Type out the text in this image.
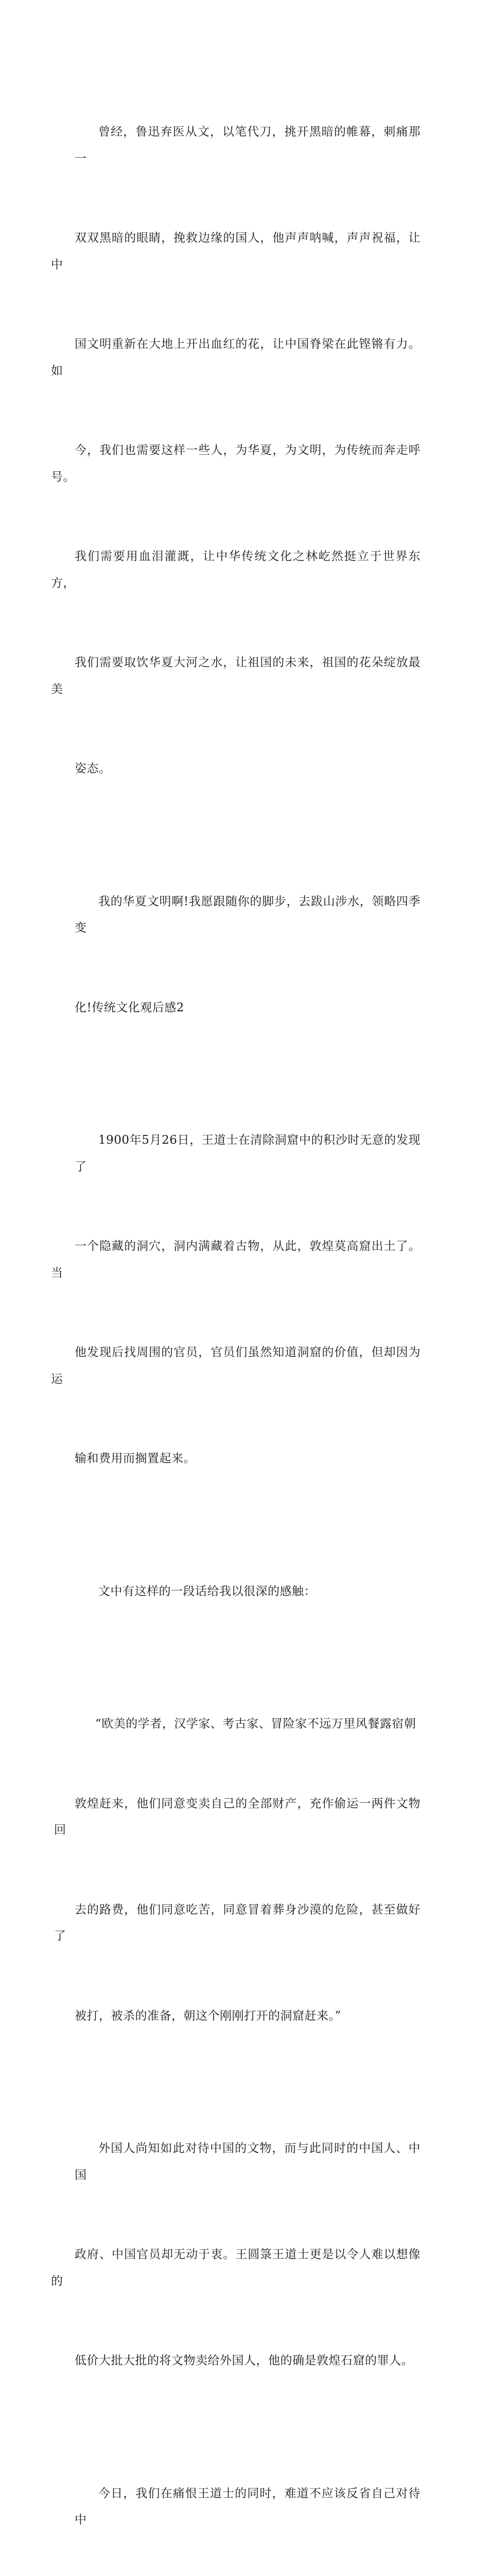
曾经，鲁迅弃医从文，以笔代刀，挑开黑暗的帷幕，刺痛那一

双双黑暗的眼睛，挽救边缘的国人，他声声呐喊，声声祝福，让中

国文明重新在大地上开出血红的花，让中国脊梁在此铿锵有力。如

今，我们也需要这样一些人，为华夏，为文明，为传统而奔走呼号。

我们需要用血泪灌溉，让中华传统文化之林屹然挺立于世界东方，

我们需要取饮华夏大河之水，让祖国的未来，祖国的花朵绽放最美

姿态。

我的华夏文明啊!我愿跟随你的脚步，去跋山涉水，领略四季变

化!传统文化观后感2

1900年5月26日，王道士在清除洞窟中的积沙时无意的发现了

一个隐藏的洞穴，洞内满藏着古物，从此，敦煌莫高窟出土了。当

他发现后找周围的官员，官员们虽然知道洞窟的价值，但却因为运

输和费用而搁置起来。

文中有这样的一段话给我以很深的感触：

“欧美的学者，汉学家、考古家、冒险家不远万里风餐露宿朝

敦煌赶来，他们同意变卖自己的全部财产，充作偷运一两件文物回

去的路费，他们同意吃苦，同意冒着葬身沙漠的危险，甚至做好了

被打，被杀的准备，朝这个刚刚打开的洞窟赶来。”

外国人尚知如此对待中国的文物，而与此同时的中国人、中国

政府、中国官员却无动于衷。王圆箓王道士更是以令人难以想像的

低价大批大批的将文物卖给外国人，他的确是敦煌石窟的罪人。

今日，我们在痛恨王道士的同时，难道不应该反省自己对待中
